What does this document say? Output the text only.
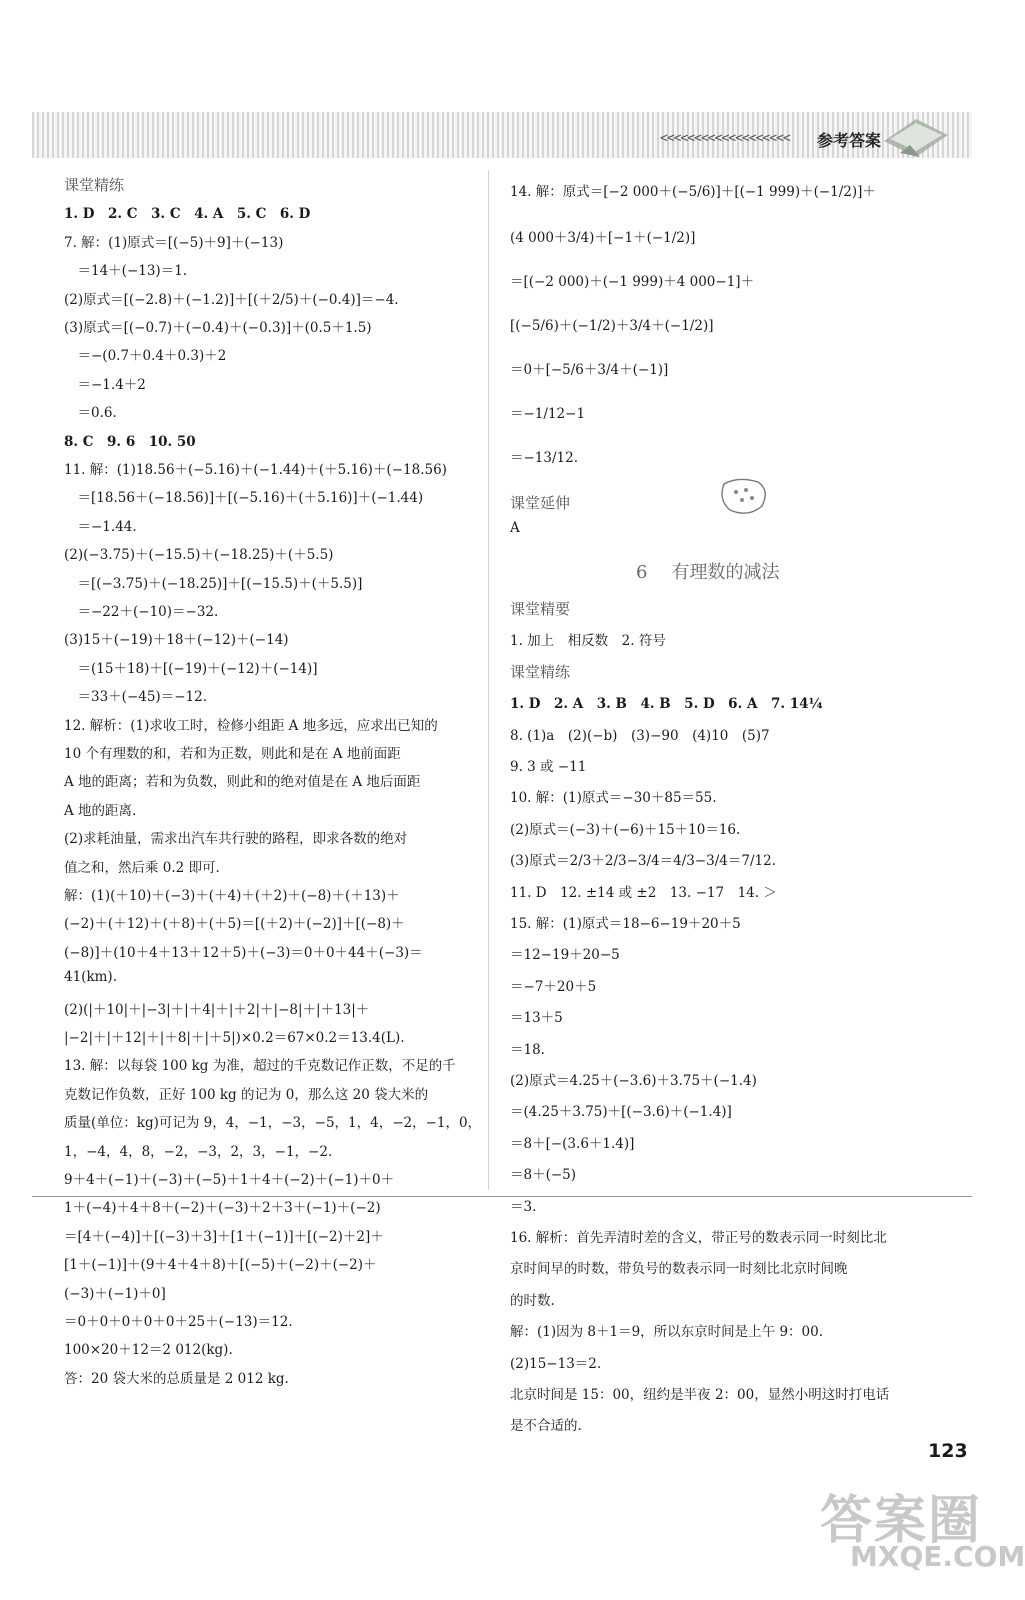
<<<<<<<<<<<<<<<<<<< 参考答案
课堂精练
1. D　2. C　3. C　4. A　5. C　6. D
7. 解：(1)原式＝[(−5)＋9]＋(−13)
　＝14＋(−13)＝1.
(2)原式＝[(−2.8)＋(−1.2)]＋[(＋2/5)＋(−0.4)]＝−4.
(3)原式＝[(−0.7)＋(−0.4)＋(−0.3)]＋(0.5＋1.5)
　＝−(0.7＋0.4＋0.3)＋2
　＝−1.4＋2
　＝0.6.
8. C　9. 6　10. 50
11. 解：(1)18.56＋(−5.16)＋(−1.44)＋(＋5.16)＋(−18.56)
　＝[18.56＋(−18.56)]＋[(−5.16)＋(＋5.16)]＋(−1.44)
　＝−1.44.
(2)(−3.75)＋(−15.5)＋(−18.25)＋(＋5.5)
　＝[(−3.75)＋(−18.25)]＋[(−15.5)＋(＋5.5)]
　＝−22＋(−10)＝−32.
(3)15＋(−19)＋18＋(−12)＋(−14)
　＝(15＋18)＋[(−19)＋(−12)＋(−14)]
　＝33＋(−45)＝−12.
12. 解析：(1)求收工时，检修小组距 A 地多远，应求出已知的
10 个有理数的和，若和为正数，则此和是在 A 地前面距
A 地的距离；若和为负数，则此和的绝对值是在 A 地后面距
A 地的距离.
(2)求耗油量，需求出汽车共行驶的路程，即求各数的绝对
值之和，然后乘 0.2 即可.
解：(1)(＋10)＋(−3)＋(＋4)＋(＋2)＋(−8)＋(＋13)＋
(−2)＋(＋12)＋(＋8)＋(＋5)＝[(＋2)＋(−2)]＋[(−8)＋
(−8)]＋(10＋4＋13＋12＋5)＋(−3)＝0＋0＋44＋(−3)＝
41(km).
(2)(|＋10|＋|−3|＋|＋4|＋|＋2|＋|−8|＋|＋13|＋
|−2|＋|＋12|＋|＋8|＋|＋5|)×0.2＝67×0.2＝13.4(L).
13. 解：以每袋 100 kg 为准，超过的千克数记作正数，不足的千
克数记作负数，正好 100 kg 的记为 0，那么这 20 袋大米的
质量(单位：kg)可记为 9，4，−1，−3，−5，1，4，−2，−1，0，
1，−4，4，8，−2，−3，2，3，−1，−2.
9＋4＋(−1)＋(−3)＋(−5)＋1＋4＋(−2)＋(−1)＋0＋
1＋(−4)＋4＋8＋(−2)＋(−3)＋2＋3＋(−1)＋(−2)
＝[4＋(−4)]＋[(−3)＋3]＋[1＋(−1)]＋[(−2)＋2]＋
[1＋(−1)]＋(9＋4＋4＋8)＋[(−5)＋(−2)＋(−2)＋
(−3)＋(−1)＋0]
＝0＋0＋0＋0＋0＋25＋(−13)＝12.
100×20＋12＝2 012(kg).
答：20 袋大米的总质量是 2 012 kg.
14. 解：原式＝[−2 000＋(−5/6)]＋[(−1 999)＋(−1/2)]＋
(4 000＋3/4)＋[−1＋(−1/2)]
＝[(−2 000)＋(−1 999)＋4 000−1]＋
[(−5/6)＋(−1/2)＋3/4＋(−1/2)]
＝0＋[−5/6＋3/4＋(−1)]
＝−1/12−1
＝−13/12.
课堂延伸
A
课堂精要
1. 加上　相反数　2. 符号
课堂精练
1. D　2. A　3. B　4. B　5. D　6. A　7. 14¼
8. (1)a　(2)(−b)　(3)−90　(4)10　(5)7
9. 3 或 −11
10. 解：(1)原式＝−30＋85＝55.
(2)原式＝(−3)＋(−6)＋15＋10＝16.
(3)原式＝2/3＋2/3−3/4＝4/3−3/4＝7/12.
11. D　12. ±14 或 ±2　13. −17　14. ＞
15. 解：(1)原式＝18−6−19＋20＋5
＝12−19＋20−5
＝−7＋20＋5
＝13＋5
＝18.
(2)原式＝4.25＋(−3.6)＋3.75＋(−1.4)
＝(4.25＋3.75)＋[(−3.6)＋(−1.4)]
＝8＋[−(3.6＋1.4)]
＝8＋(−5)
＝3.
16. 解析：首先弄清时差的含义，带正号的数表示同一时刻比北
京时间早的时数，带负号的数表示同一时刻比北京时间晚
的时数.
解：(1)因为 8＋1＝9，所以东京时间是上午 9：00.
(2)15−13＝2.
北京时间是 15：00，纽约是半夜 2：00，显然小明这时打电话
是不合适的.
6 有理数的减法
123
答案圈
MXQE.COM
